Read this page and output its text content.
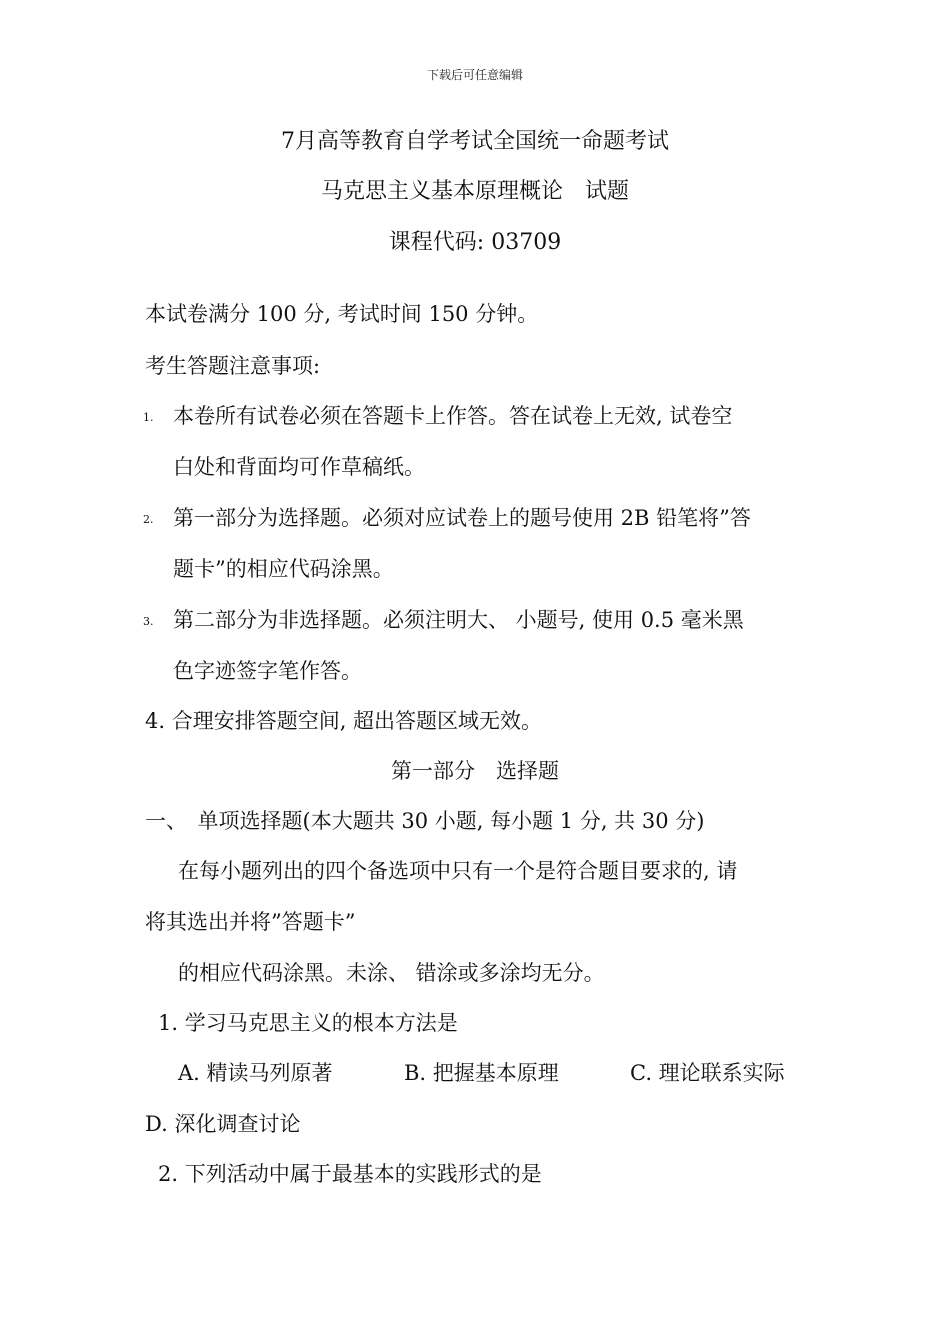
下载后可任意编辑
7月高等教育自学考试全国统一命题考试
马克思主义基本原理概论　试题
课程代码: 03709
本试卷满分 100 分, 考试时间 150 分钟。
考生答题注意事项:
1. 本卷所有试卷必须在答题卡上作答。答在试卷上无效, 试卷空
白处和背面均可作草稿纸。
2. 第一部分为选择题。必须对应试卷上的题号使用 2B 铅笔将”答
题卡”的相应代码涂黑。
3. 第二部分为非选择题。必须注明大、 小题号, 使用 0.5 毫米黑
色字迹签字笔作答。
4. 合理安排答题空间, 超出答题区域无效。
第一部分　选择题
一、　单项选择题(本大题共 30 小题, 每小题 1 分, 共 30 分)
在每小题列出的四个备选项中只有一个是符合题目要求的, 请
将其选出并将”答题卡”
的相应代码涂黑。未涂、 错涂或多涂均无分。
1. 学习马克思主义的根本方法是
A. 精读马列原著	B. 把握基本原理	C. 理论联系实际
D. 深化调查讨论
2. 下列活动中属于最基本的实践形式的是
